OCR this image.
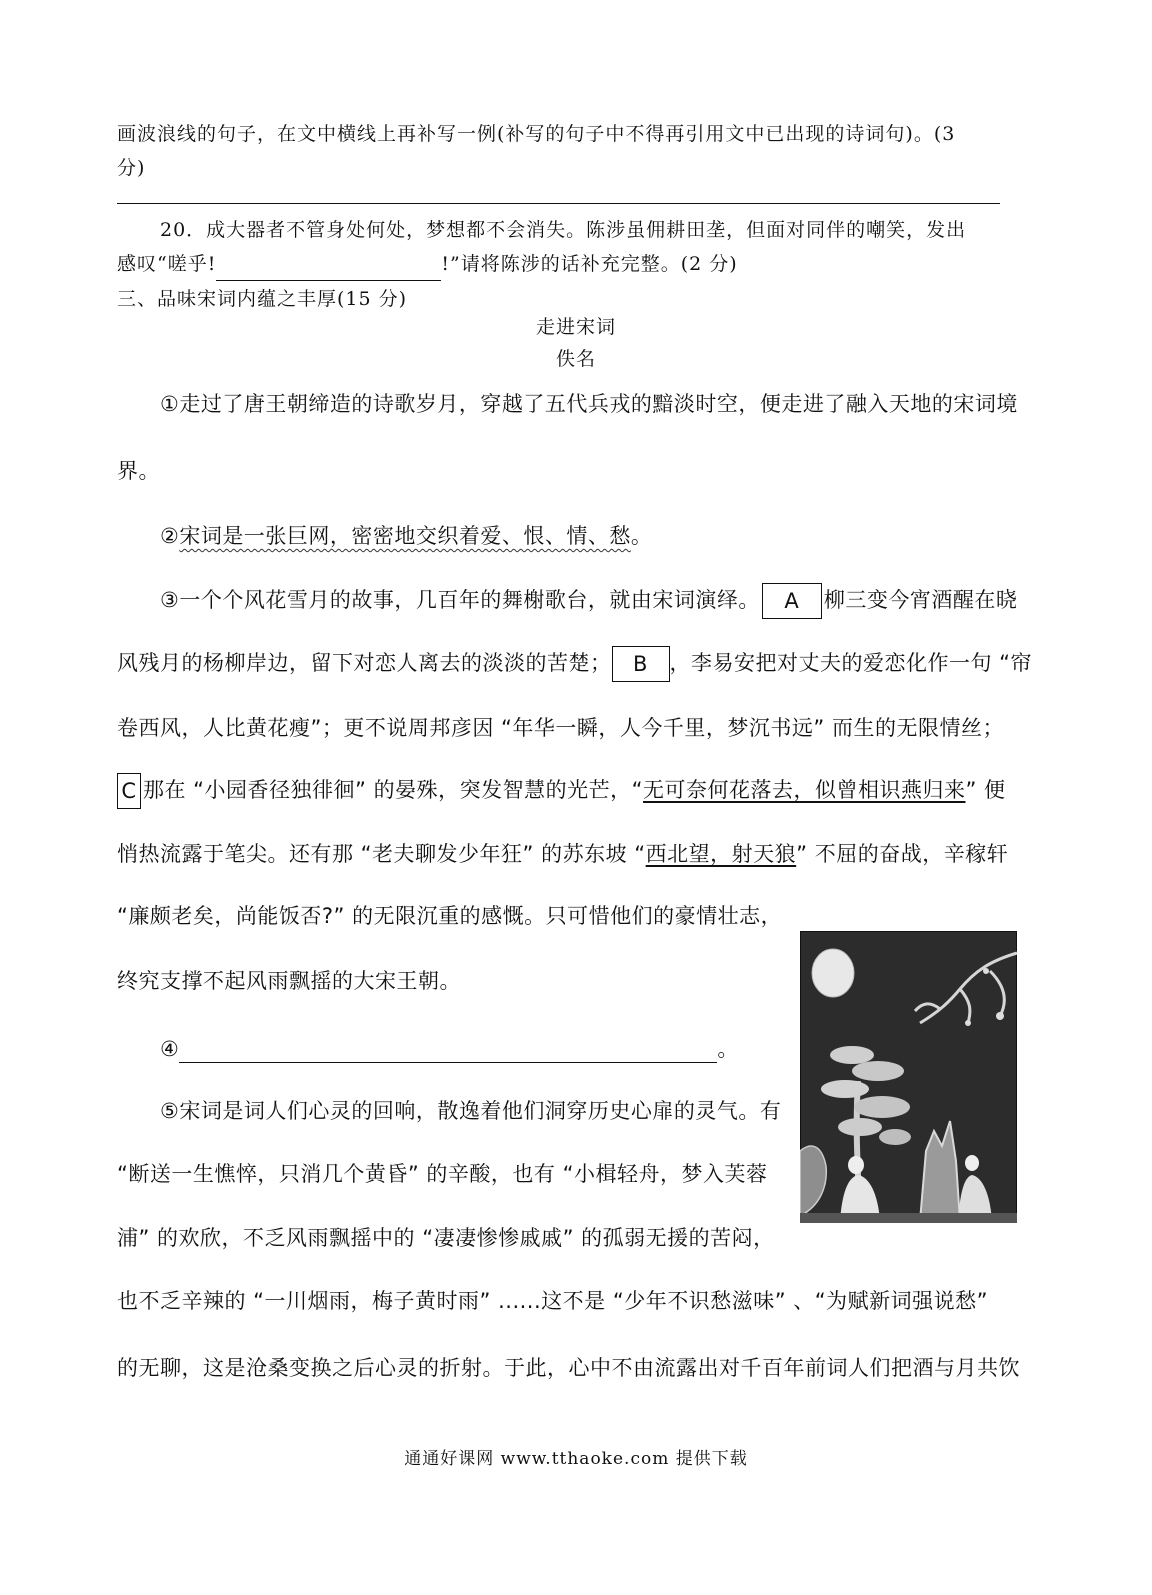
画波浪线的句子，在文中横线上再补写一例(补写的句子中不得再引用文中已出现的诗词句)。(3
分)
20．成大器者不管身处何处，梦想都不会消失。陈涉虽佣耕田垄，但面对同伴的嘲笑，发出
感叹“嗟乎!	!”请将陈涉的话补充完整。(2 分)
三、品味宋词内蕴之丰厚(15 分)
走进宋词
佚名
①走过了唐王朝缔造的诗歌岁月，穿越了五代兵戎的黯淡时空，便走进了融入天地的宋词境
界。
②宋词是一张巨网，密密地交织着爱、恨、情、愁。
③一个个风花雪月的故事，几百年的舞榭歌台，就由宋词演绎。 A 柳三变今宵酒醒在晓
风残月的杨柳岸边，留下对恋人离去的淡淡的苦楚； B ，李易安把对丈夫的爱恋化作一句 “帘
卷西风，人比黄花瘦”；更不说周邦彦因 “年华一瞬，人今千里，梦沉书远” 而生的无限情丝；
C 那在 “小园香径独徘徊” 的晏殊，突发智慧的光芒，“无可奈何花落去，似曾相识燕归来” 便
悄热流露于笔尖。还有那 “老夫聊发少年狂” 的苏东坡 “西北望，射天狼” 不屈的奋战，辛稼轩
“廉颇老矣，尚能饭否?” 的无限沉重的感慨。只可惜他们的豪情壮志，
终究支撑不起风雨飘摇的大宋王朝。
④	。
⑤宋词是词人们心灵的回响，散逸着他们洞穿历史心扉的灵气。有
“断送一生憔悴，只消几个黄昏” 的辛酸，也有 “小楫轻舟，梦入芙蓉
浦” 的欢欣，不乏风雨飘摇中的 “凄凄惨惨戚戚” 的孤弱无援的苦闷，
也不乏辛辣的 “一川烟雨，梅子黄时雨” ......这不是 “少年不识愁滋味” 、“为赋新词强说愁”
的无聊，这是沧桑变换之后心灵的折射。于此，心中不由流露出对千百年前词人们把酒与月共饮
通通好课网 www.tthaoke.com 提供下载
